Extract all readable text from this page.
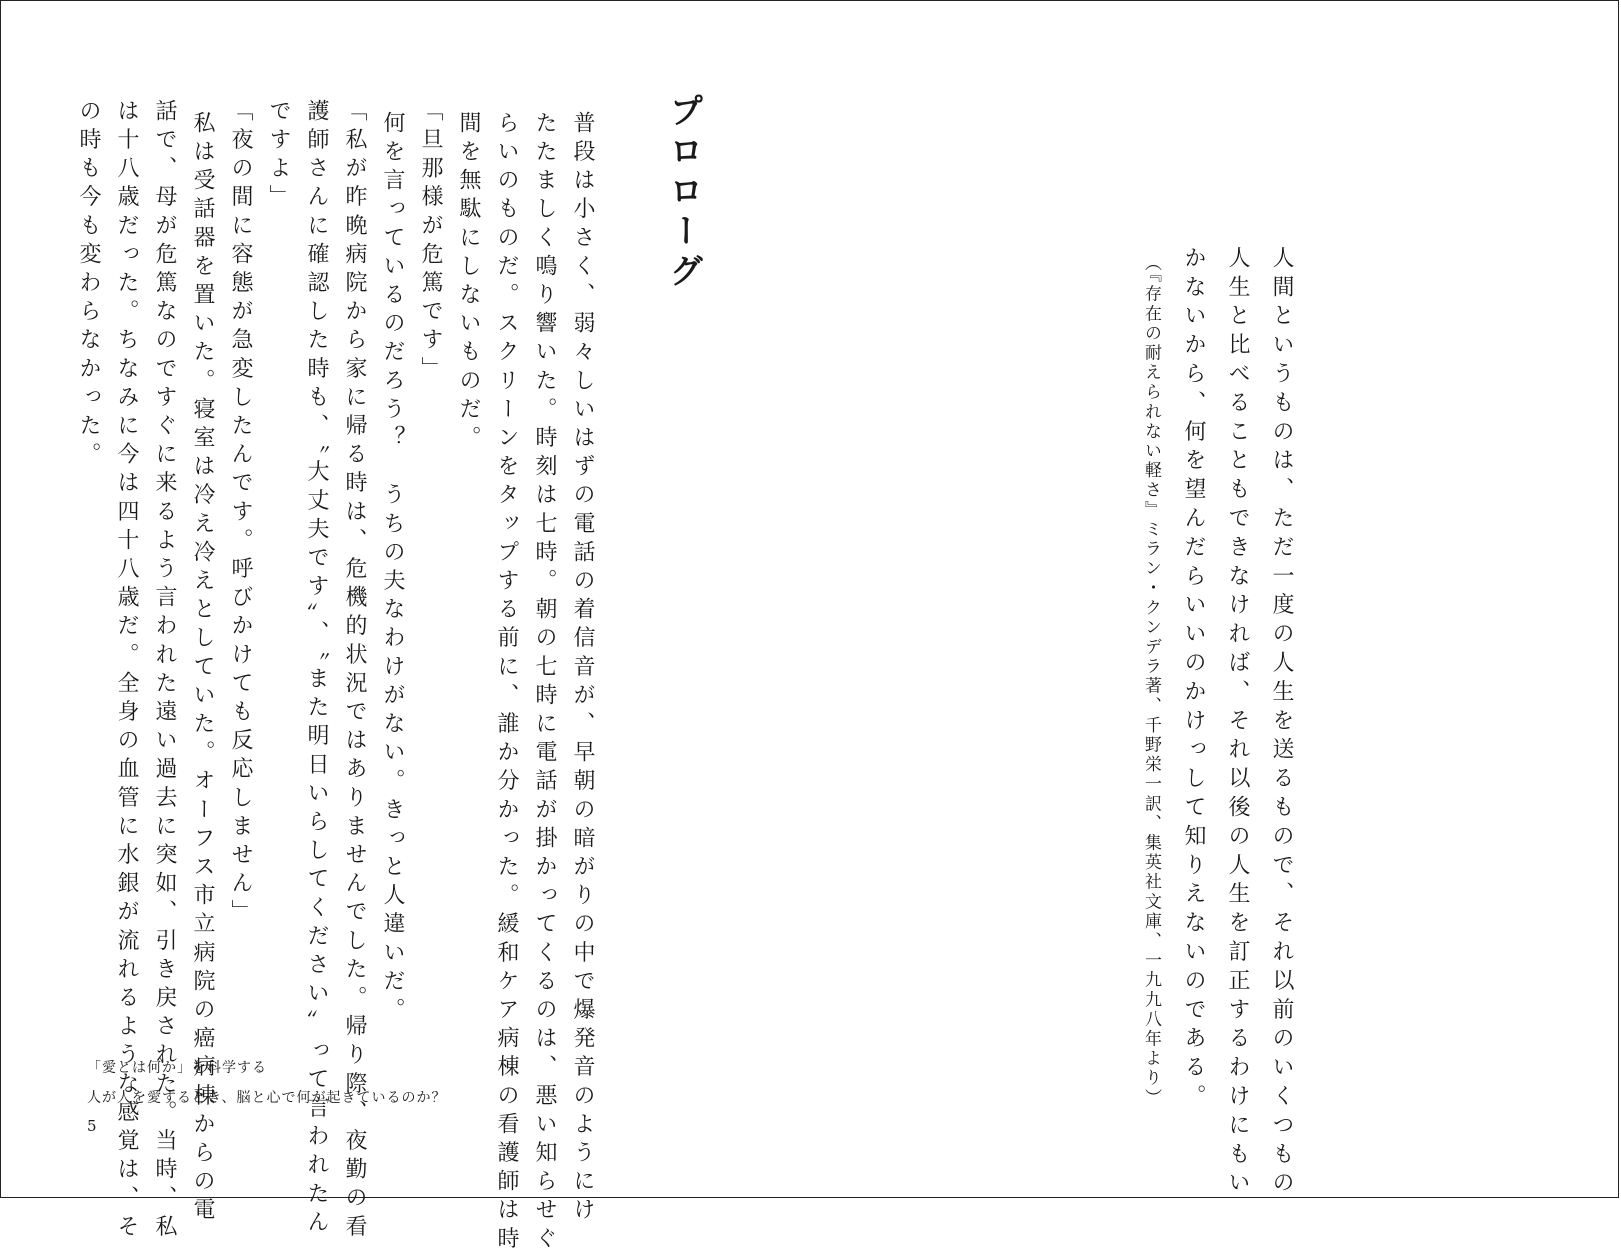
人間というものは、ただ一度の人生を送るもので、それ以前のいくつもの

人生と比べることもできなければ、それ以後の人生を訂正するわけにもい

かないから、何を望んだらいいのかけっして知りえないのである。

（『存在の耐えられない軽さ』ミラン・クンデラ著、千野栄一訳、集英社文庫、一九九八年より）

プロローグ

普段は小さく、弱々しいはずの電話の着信音が、早朝の暗がりの中で爆発音のようにけ

たたましく鳴り響いた。時刻は七時。朝の七時に電話が掛かってくるのは、悪い知らせぐ

らいのものだ。スクリーンをタップする前に、誰か分かった。緩和ケア病棟の看護師は時

間を無駄にしないものだ。

「旦那様が危篤です」

何を言っているのだろう？　うちの夫なわけがない。きっと人違いだ。

「私が昨晩病院から家に帰る時は、危機的状況ではありませんでした。帰り際、夜勤の看

護師さんに確認した時も、〝大丈夫です〟、〝また明日いらしてください〟って言われたん

ですよ」

「夜の間に容態が急変したんです。呼びかけても反応しません」

私は受話器を置いた。寝室は冷え冷えとしていた。オーフス市立病院の癌病棟からの電

話で、母が危篤なのですぐに来るよう言われた遠い過去に突如、引き戻された。当時、私

は十八歳だった。ちなみに今は四十八歳だ。全身の血管に水銀が流れるような感覚は、そ

の時も今も変わらなかった。

「愛とは何か」を科学する

人が人を愛するとき、脳と心で何が起きているのか？

5
